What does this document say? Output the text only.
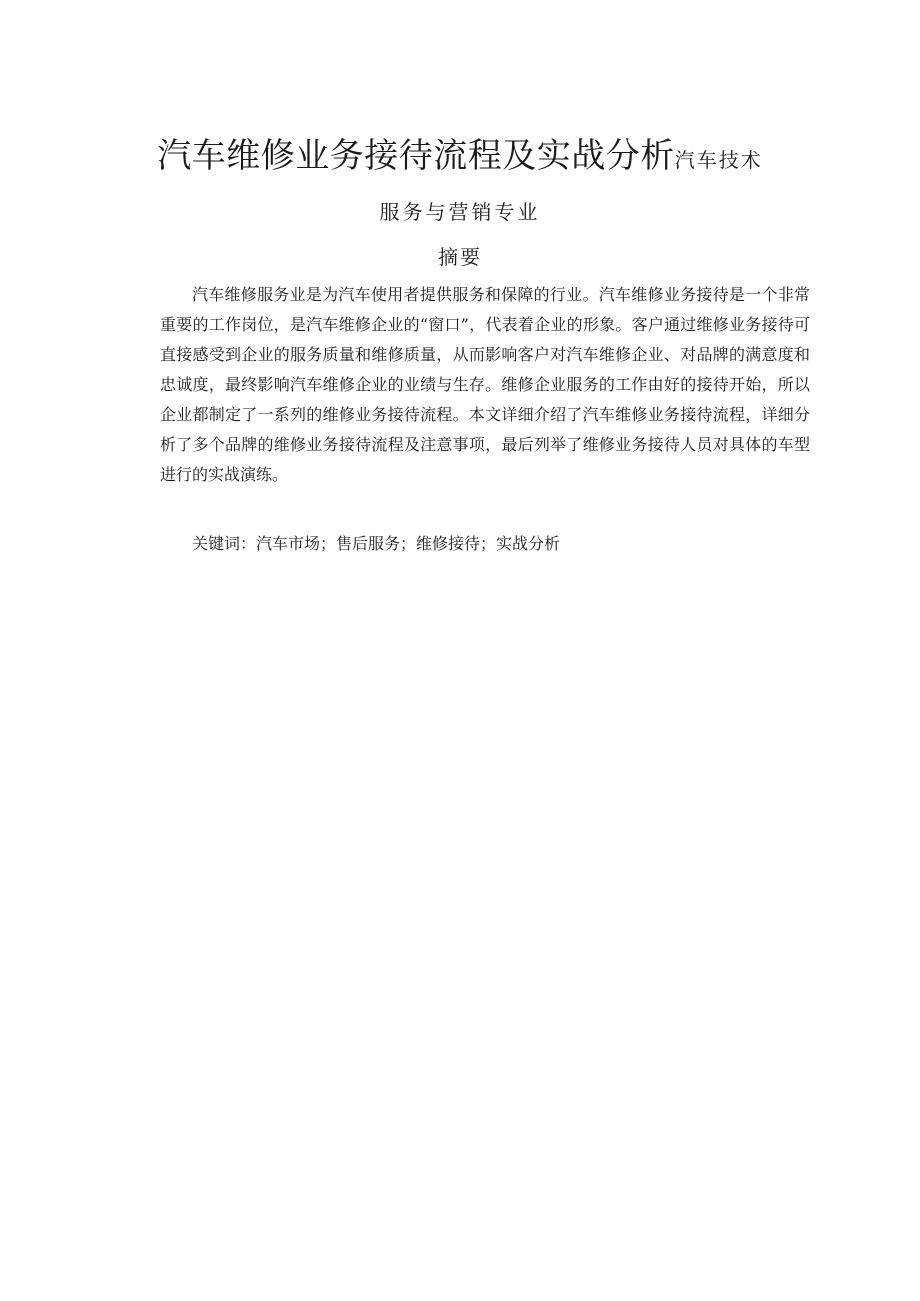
汽车维修业务接待流程及实战分析汽车技术
服务与营销专业
摘要

汽车维修服务业是为汽车使用者提供服务和保障的行业。汽车维修业务接待是一个非常重要的工作岗位，是汽车维修企业的“窗口”，代表着企业的形象。客户通过维修业务接待可直接感受到企业的服务质量和维修质量，从而影响客户对汽车维修企业、对品牌的满意度和忠诚度，最终影响汽车维修企业的业绩与生存。维修企业服务的工作由好的接待开始，所以企业都制定了一系列的维修业务接待流程。本文详细介绍了汽车维修业务接待流程，详细分析了多个品牌的维修业务接待流程及注意事项，最后列举了维修业务接待人员对具体的车型进行的实战演练。

关键词：汽车市场；售后服务；维修接待；实战分析
